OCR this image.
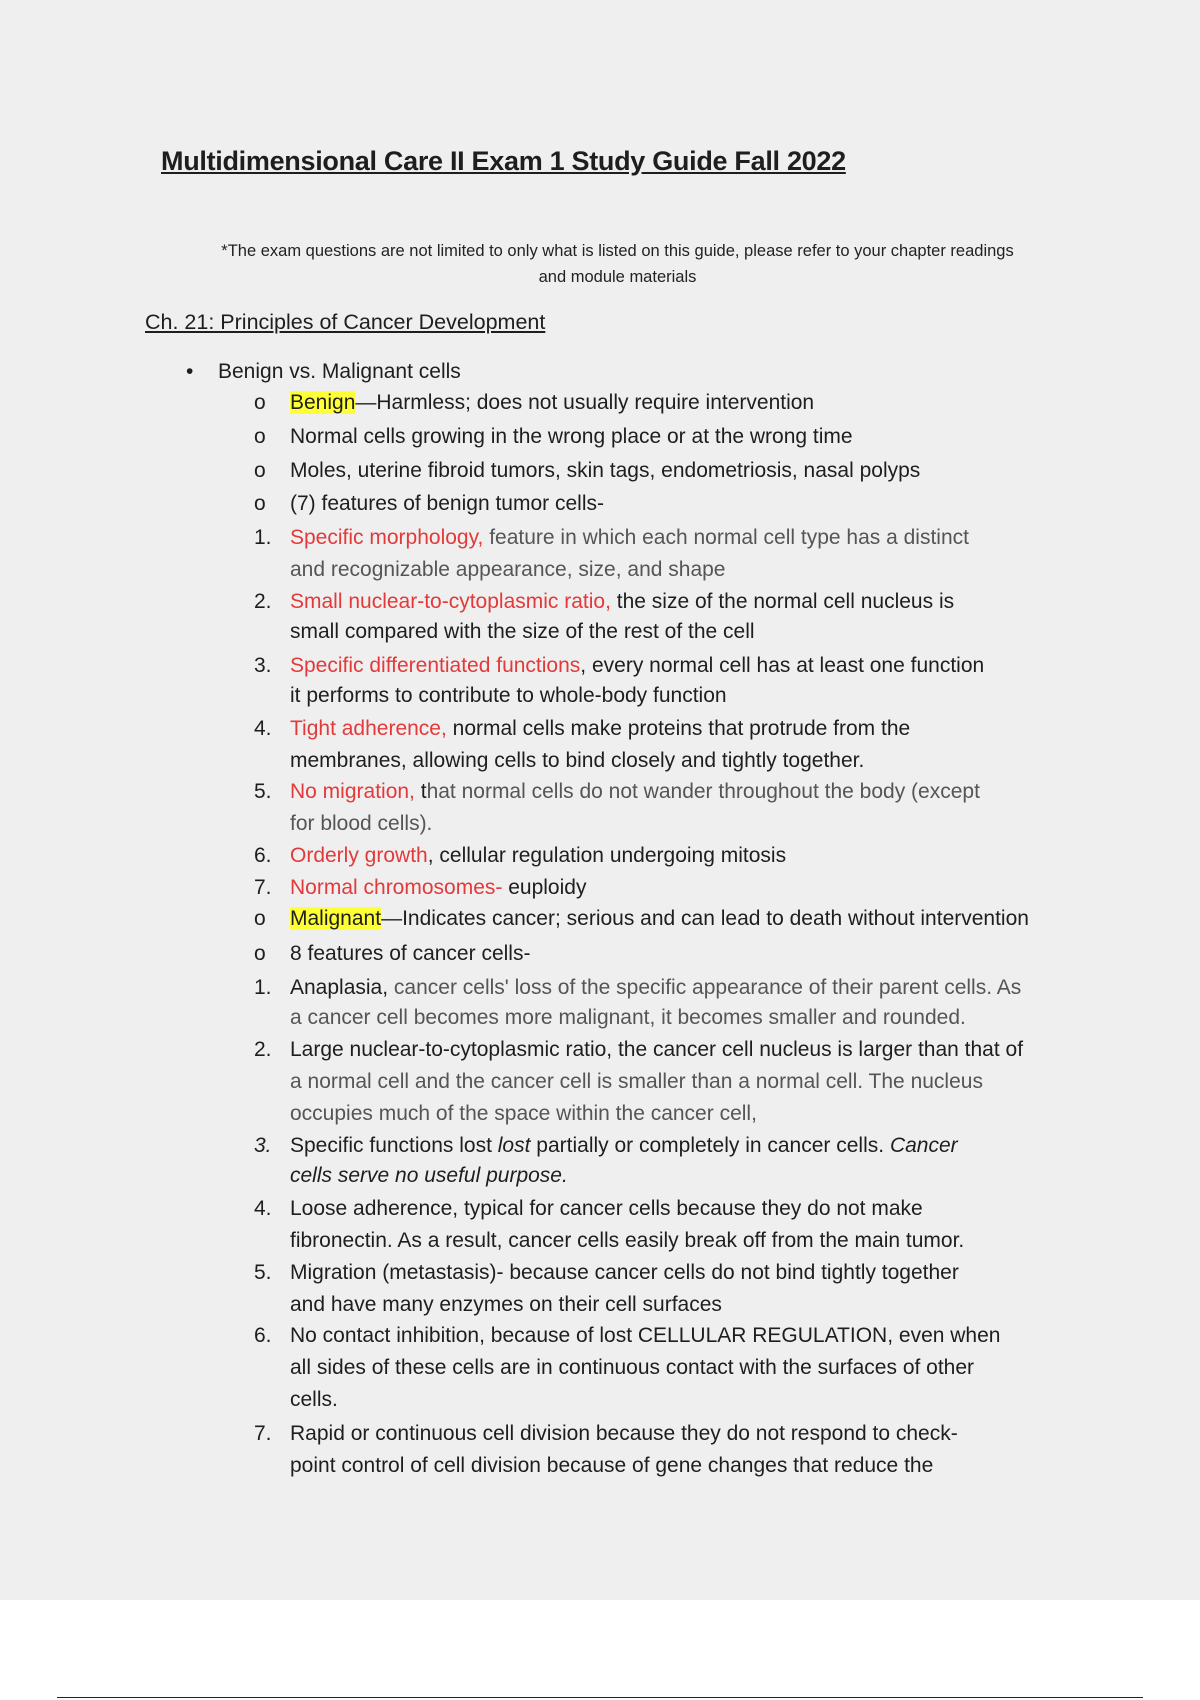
Multidimensional Care II Exam 1 Study Guide Fall 2022
*The exam questions are not limited to only what is listed on this guide, please refer to your chapter readings
and module materials
Ch. 21: Principles of Cancer Development
• Benign vs. Malignant cells
o Benign—Harmless; does not usually require intervention
o Normal cells growing in the wrong place or at the wrong time
o Moles, uterine fibroid tumors, skin tags, endometriosis, nasal polyps
o (7) features of benign tumor cells-
1. Specific morphology, feature in which each normal cell type has a distinct
and recognizable appearance, size, and shape
2. Small nuclear-to-cytoplasmic ratio, the size of the normal cell nucleus is
small compared with the size of the rest of the cell
3. Specific differentiated functions, every normal cell has at least one function
it performs to contribute to whole-body function
4. Tight adherence, normal cells make proteins that protrude from the
membranes, allowing cells to bind closely and tightly together.
5. No migration, that normal cells do not wander throughout the body (except
for blood cells).
6. Orderly growth, cellular regulation undergoing mitosis
7. Normal chromosomes- euploidy
o Malignant—Indicates cancer; serious and can lead to death without intervention
o 8 features of cancer cells-
1. Anaplasia, cancer cells' loss of the specific appearance of their parent cells. As
a cancer cell becomes more malignant, it becomes smaller and rounded.
2. Large nuclear-to-cytoplasmic ratio, the cancer cell nucleus is larger than that of
a normal cell and the cancer cell is smaller than a normal cell. The nucleus
occupies much of the space within the cancer cell,
3. Specific functions lost lost partially or completely in cancer cells. Cancer
cells serve no useful purpose.
4. Loose adherence, typical for cancer cells because they do not make
fibronectin. As a result, cancer cells easily break off from the main tumor.
5. Migration (metastasis)- because cancer cells do not bind tightly together
and have many enzymes on their cell surfaces
6. No contact inhibition, because of lost CELLULAR REGULATION, even when
all sides of these cells are in continuous contact with the surfaces of other
cells.
7. Rapid or continuous cell division because they do not respond to check-
point control of cell division because of gene changes that reduce the
